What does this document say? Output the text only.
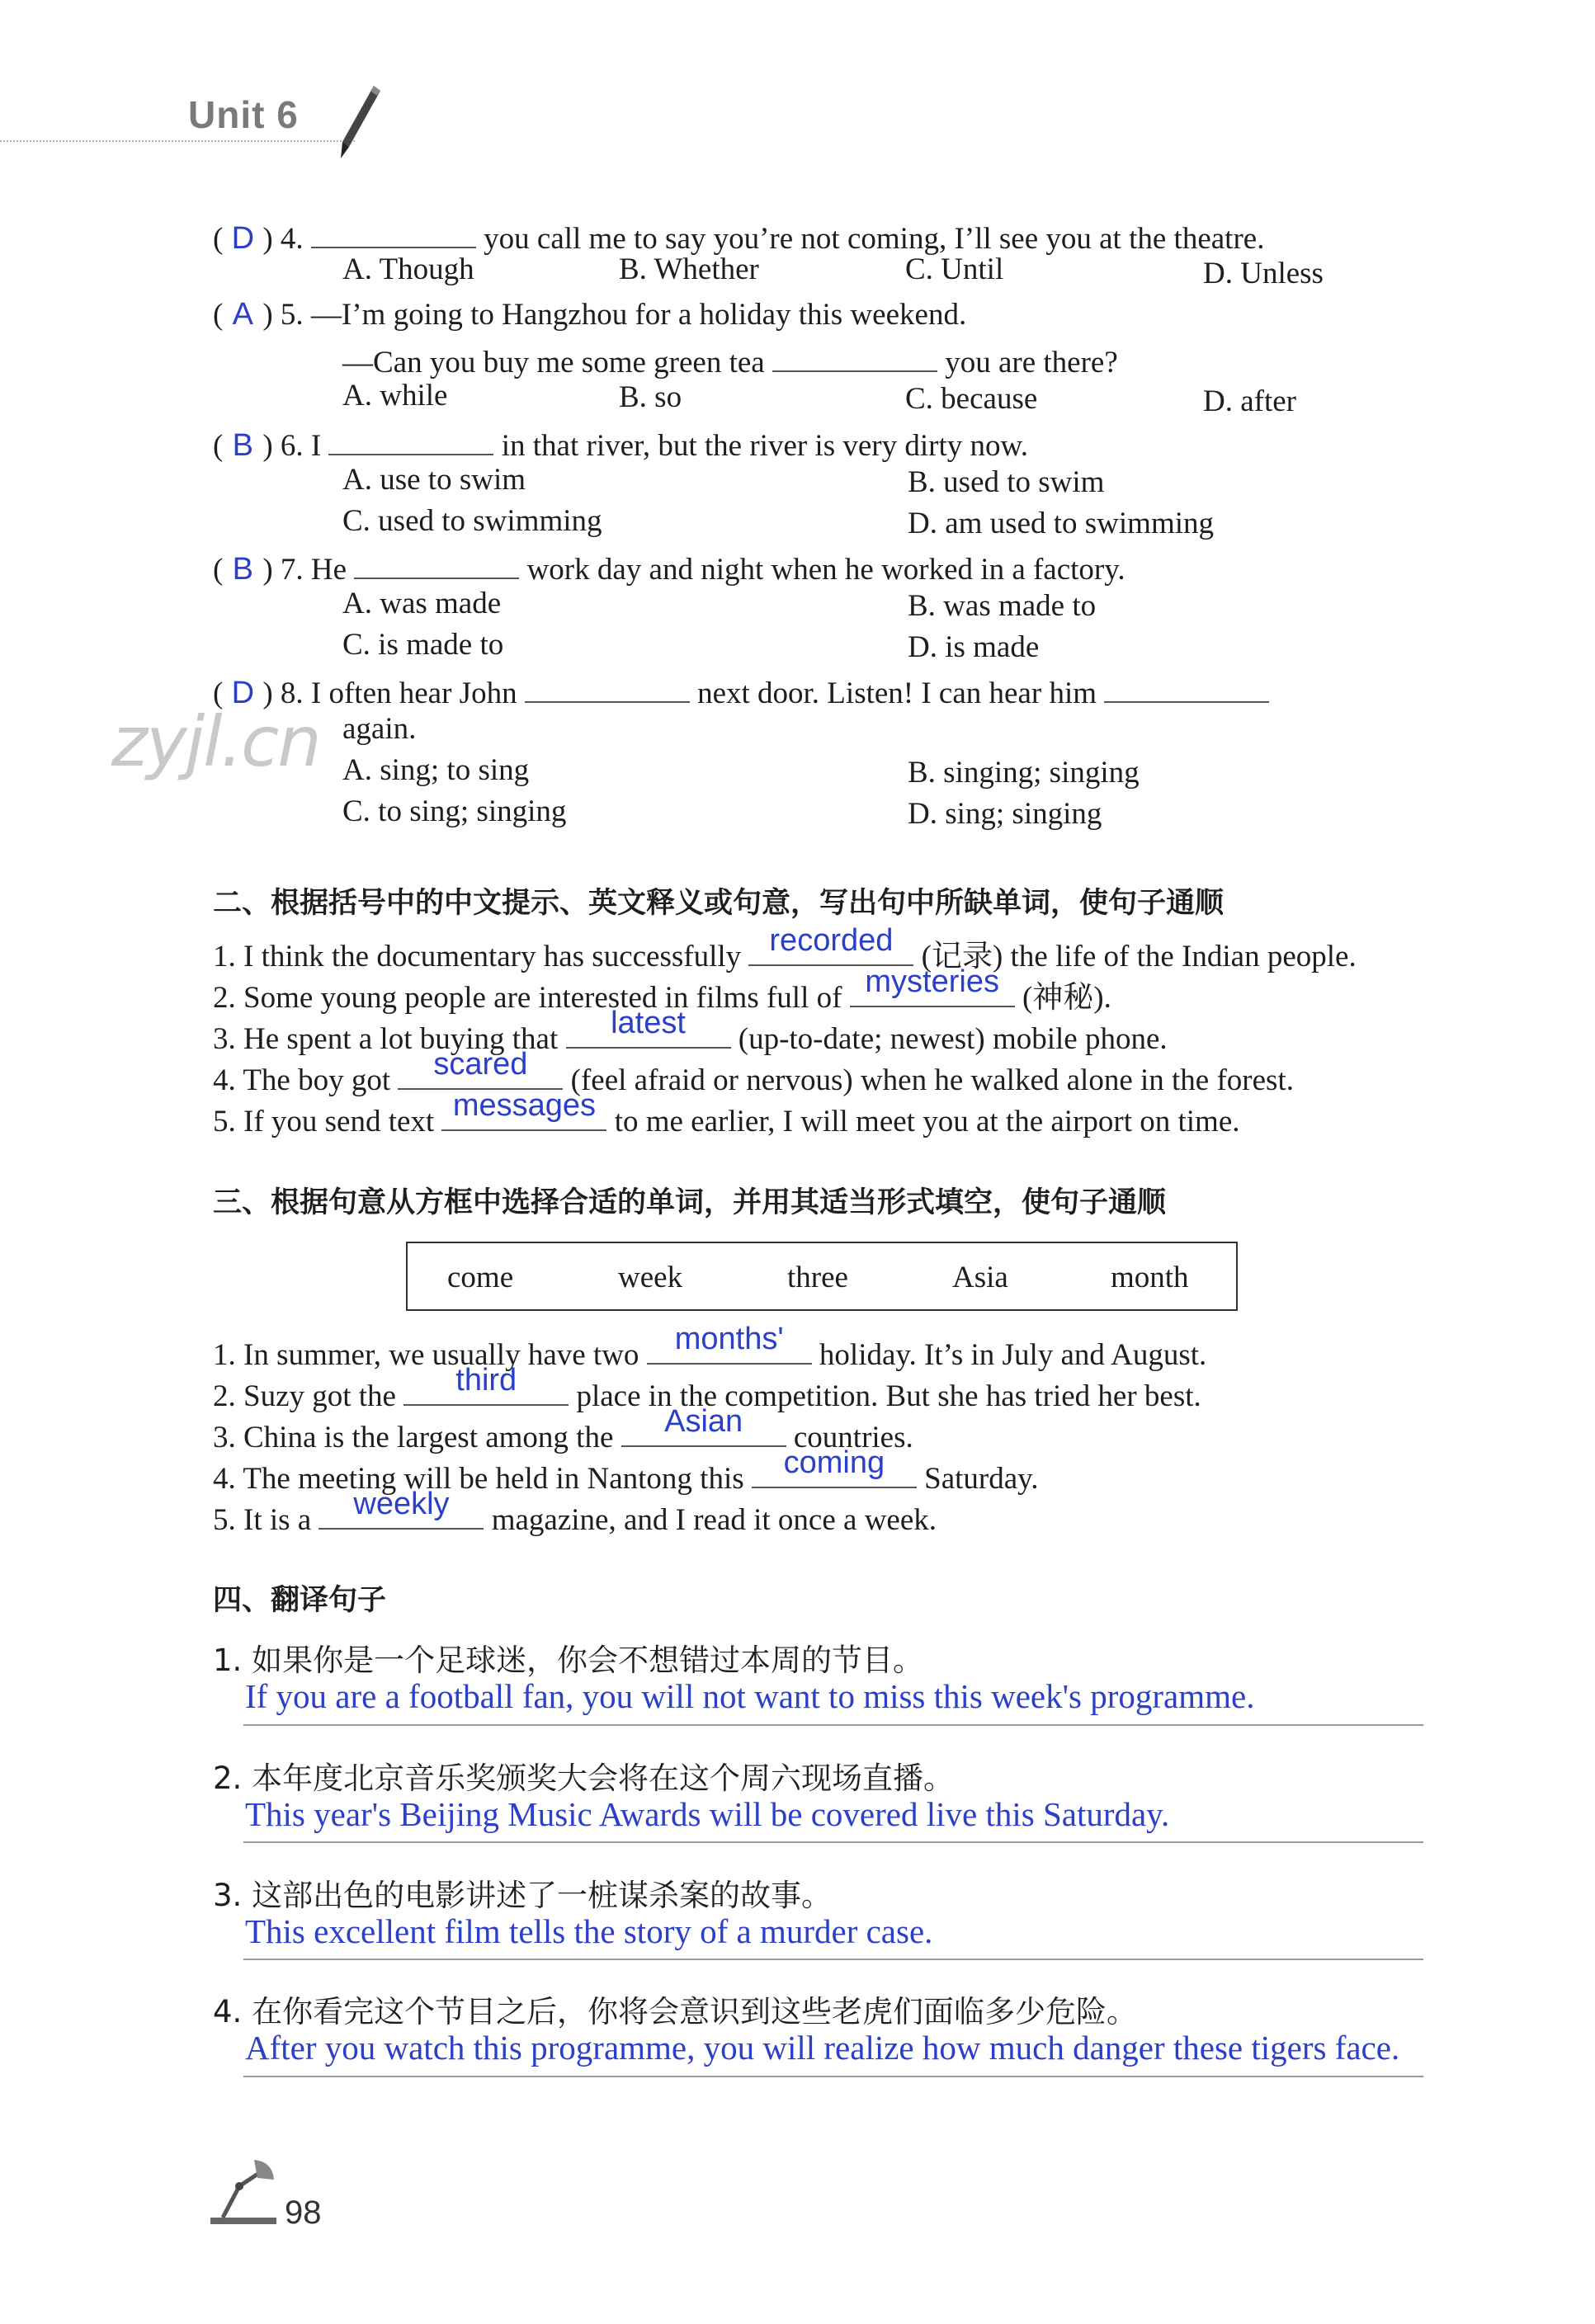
Unit 6
zyjl.cn
( D ) 4.	you call me to say you’re not coming, I’ll see you at the theatre.
A. Though	B. Whether	C. Until	D. Unless
( A ) 5. —I’m going to Hangzhou for a holiday this weekend.
—Can you buy me some green tea	you are there?
A. while	B. so	C. because	D. after
( B ) 6. I	in that river, but the river is very dirty now.
A. use to swim	B. used to swim
C. used to swimming	D. am used to swimming
( B ) 7. He	work day and night when he worked in a factory.
A. was made	B. was made to
C. is made to	D. is made
( D ) 8. I often hear John	next door. Listen! I can hear him
again.
A. sing; to sing	B. singing; singing
C. to sing; singing	D. sing; singing
二、根据括号中的中文提示、英文释义或句意，写出句中所缺单词，使句子通顺
1. I think the documentary has successfully recorded (记录) the life of the Indian people.
2. Some young people are interested in films full of mysteries (神秘).
3. He spent a lot buying that	latest	(up-to-date; newest) mobile phone.
4. The boy got	scared	(feel afraid or nervous) when he walked alone in the forest.
5. If you send text messages to me earlier, I will meet you at the airport on time.
三、根据句意从方框中选择合适的单词，并用其适当形式填空，使句子通顺
come	week	three	Asia	month
1. In summer, we usually have two	months'	holiday. It’s in July and August.
2. Suzy got the	third	place in the competition. But she has tried her best.
3. China is the largest among the	Asian	countries.
4. The meeting will be held in Nantong this	coming	Saturday.
5. It is a	weekly	magazine, and I read it once a week.
四、翻译句子
1. 如果你是一个足球迷，你会不想错过本周的节目。
If you are a football fan, you will not want to miss this week's programme.
2. 本年度北京音乐奖颁奖大会将在这个周六现场直播。
This year's Beijing Music Awards will be covered live this Saturday.
3. 这部出色的电影讲述了一桩谋杀案的故事。
This excellent film tells the story of a murder case.
4. 在你看完这个节目之后，你将会意识到这些老虎们面临多少危险。
After you watch this programme, you will realize how much danger these tigers face.
98
